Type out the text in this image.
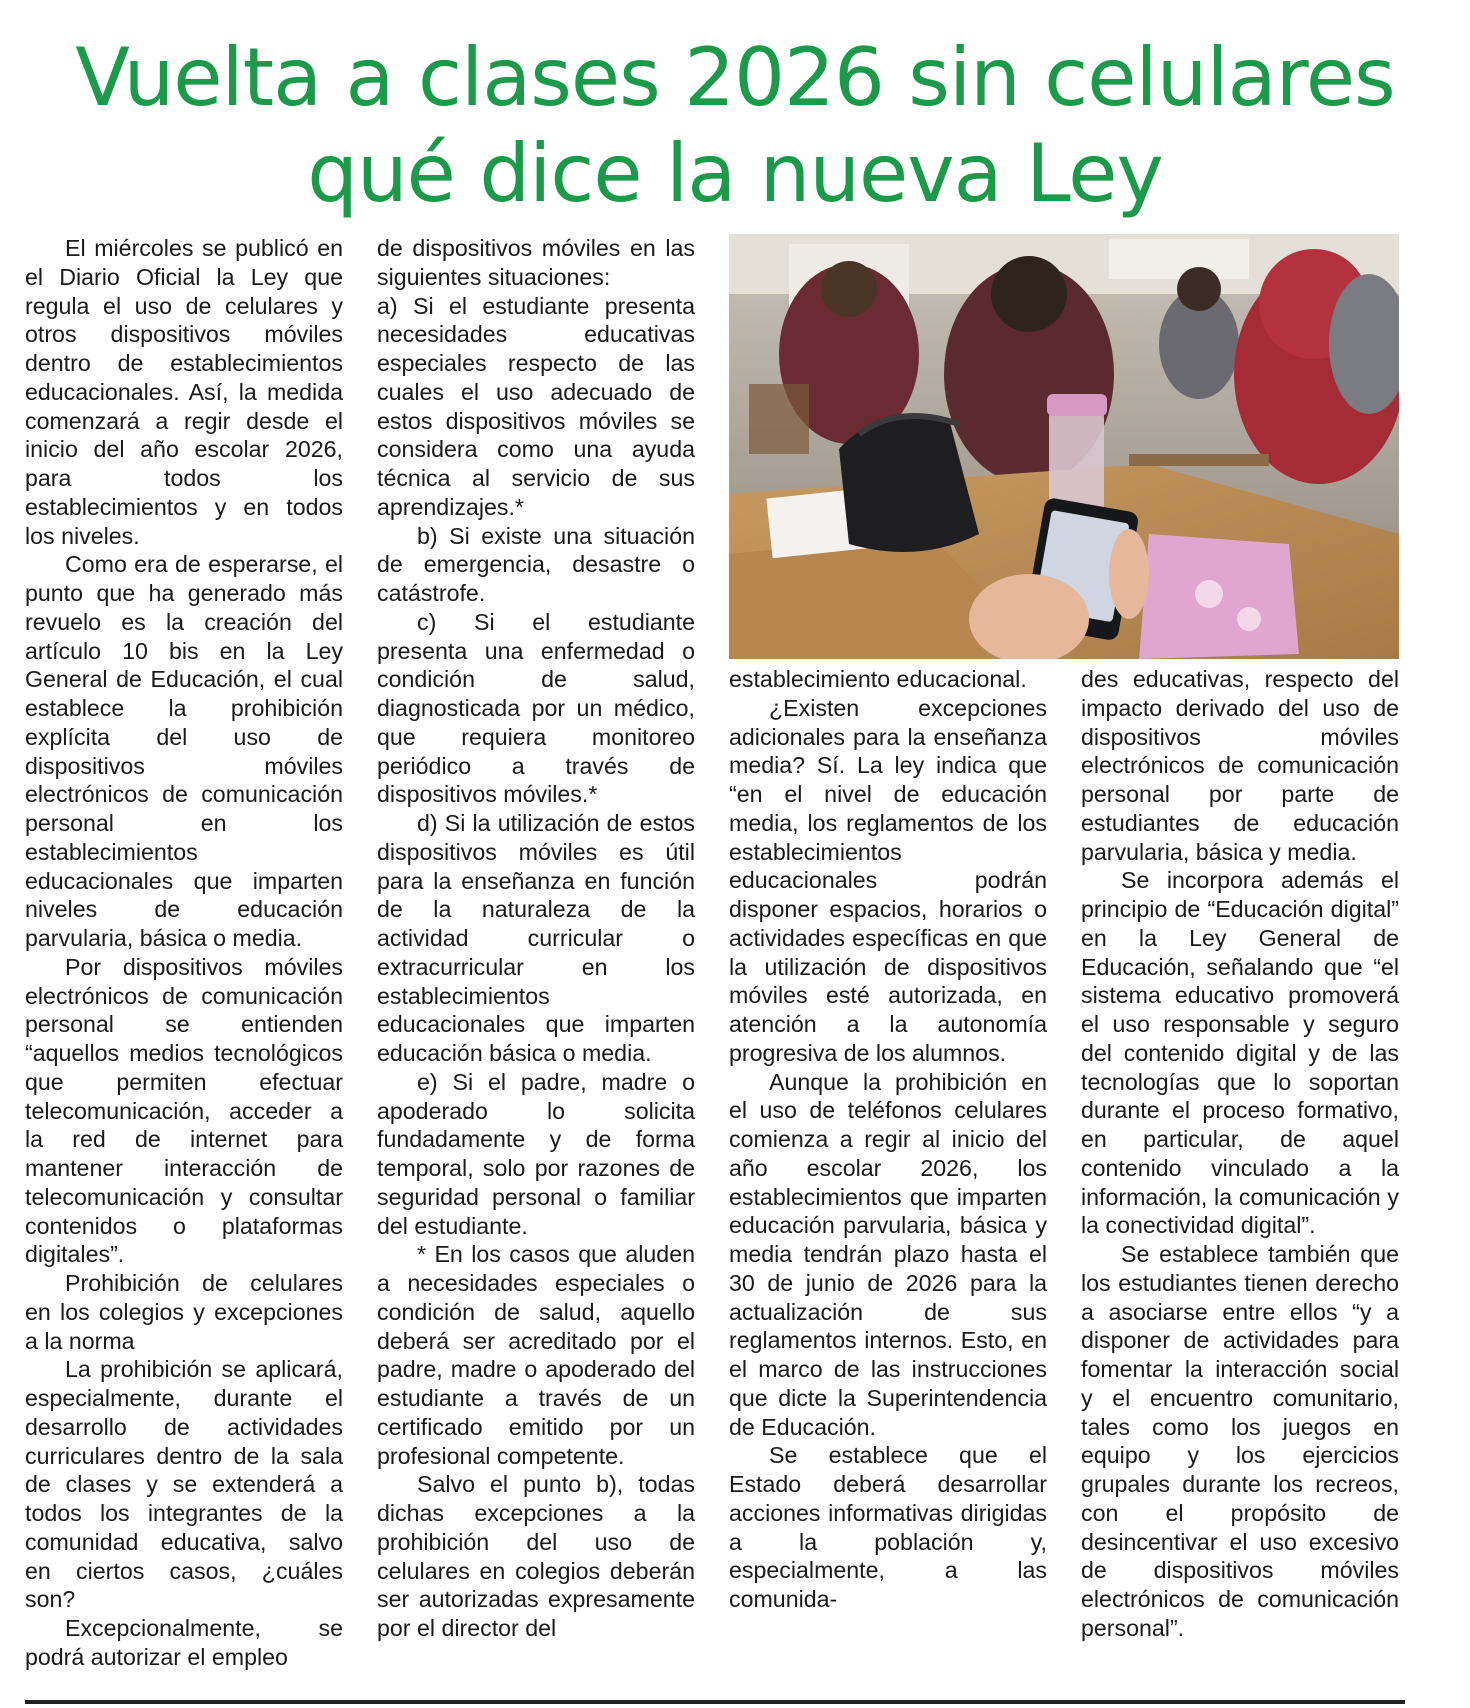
Vuelta a clases 2026 sin celulares
qué dice la nueva Ley

El miércoles se publicó en el Diario Oficial la Ley que regula el uso de celulares y otros dispositivos móviles dentro de establecimientos educacionales. Así, la medida comenzará a regir desde el inicio del año escolar 2026, para todos los establecimientos y en todos los niveles.

Como era de esperarse, el punto que ha generado más revuelo es la creación del artículo 10 bis en la Ley General de Educación, el cual establece la prohibición explícita del uso de dispositivos móviles electrónicos de comunicación personal en los establecimientos educacionales que imparten niveles de educación parvularia, básica o media.

Por dispositivos móviles electrónicos de comunicación personal se entienden “aquellos medios tecnológicos que permiten efectuar telecomunicación, acceder a la red de internet para mantener interacción de telecomunicación y consultar contenidos o plataformas digitales”.

Prohibición de celulares en los colegios y excepciones a la norma

La prohibición se aplicará, especialmente, durante el desarrollo de actividades curriculares dentro de la sala de clases y se extenderá a todos los integrantes de la comunidad educativa, salvo en ciertos casos, ¿cuáles son?

Excepcionalmente, se podrá autorizar el empleo

de dispositivos móviles en las siguientes situaciones:

a) Si el estudiante presenta necesidades educativas especiales respecto de las cuales el uso adecuado de estos dispositivos móviles se considera como una ayuda técnica al servicio de sus aprendizajes.*

b) Si existe una situación de emergencia, desastre o catástrofe.

c) Si el estudiante presenta una enfermedad o condición de salud, diagnosticada por un médico, que requiera monitoreo periódico a través de dispositivos móviles.*

d) Si la utilización de estos dispositivos móviles es útil para la enseñanza en función de la naturaleza de la actividad curricular o extracurricular en los establecimientos educacionales que imparten educación básica o media.

e) Si el padre, madre o apoderado lo solicita fundadamente y de forma temporal, solo por razones de seguridad personal o familiar del estudiante.

* En los casos que aluden a necesidades especiales o condición de salud, aquello deberá ser acreditado por el padre, madre o apoderado del estudiante a través de un certificado emitido por un profesional competente.

Salvo el punto b), todas dichas excepciones a la prohibición del uso de celulares en colegios deberán ser autorizadas expresamente por el director del

establecimiento educacional.

¿Existen excepciones adicionales para la enseñanza media? Sí. La ley indica que “en el nivel de educación media, los reglamentos de los establecimientos educacionales podrán disponer espacios, horarios o actividades específicas en que la utilización de dispositivos móviles esté autorizada, en atención a la autonomía progresiva de los alumnos.

Aunque la prohibición en el uso de teléfonos celulares comienza a regir al inicio del año escolar 2026, los establecimientos que imparten educación parvularia, básica y media tendrán plazo hasta el 30 de junio de 2026 para la actualización de sus reglamentos internos. Esto, en el marco de las instrucciones que dicte la Superintendencia de Educación.

Se establece que el Estado deberá desarrollar acciones informativas dirigidas a la población y, especialmente, a las comunida-

des educativas, respecto del impacto derivado del uso de dispositivos móviles electrónicos de comunicación personal por parte de estudiantes de educación parvularia, básica y media.

Se incorpora además el principio de “Educación digital” en la Ley General de Educación, señalando que “el sistema educativo promoverá el uso responsable y seguro del contenido digital y de las tecnologías que lo soportan durante el proceso formativo, en particular, de aquel contenido vinculado a la información, la comunicación y la conectividad digital”.

Se establece también que los estudiantes tienen derecho a asociarse entre ellos “y a disponer de actividades para fomentar la interacción social y el encuentro comunitario, tales como los juegos en equipo y los ejercicios grupales durante los recreos, con el propósito de desincentivar el uso excesivo de dispositivos móviles electrónicos de comunicación personal”.
